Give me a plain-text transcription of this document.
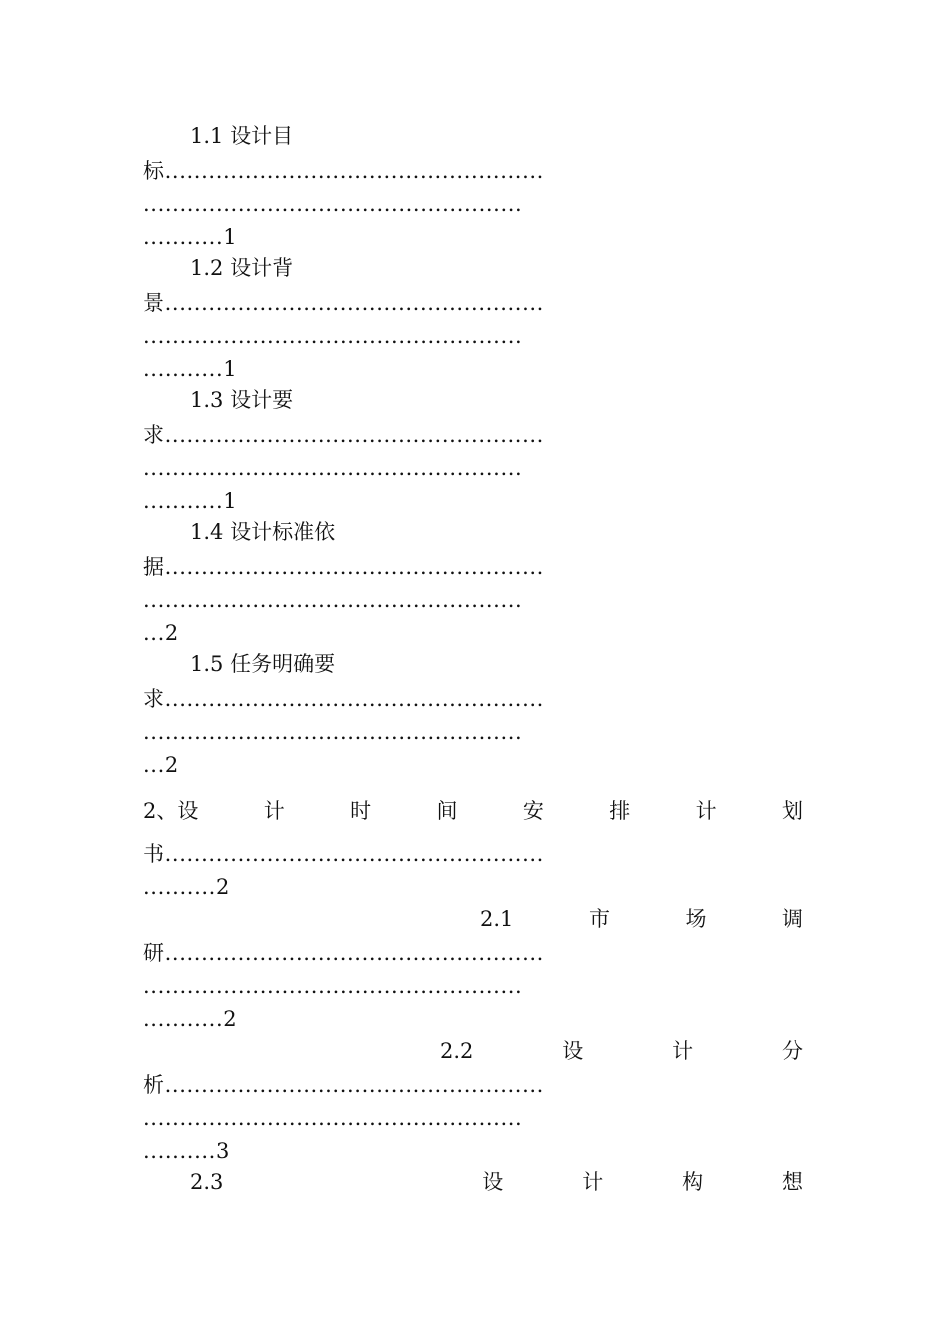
1.1 设计目
标....................................................
....................................................
...........1
1.2 设计背
景....................................................
....................................................
...........1
1.3 设计要
求....................................................
....................................................
...........1
1.4 设计标准依
据....................................................
....................................................
...2
1.5 任务明确要
求....................................................
....................................................
...2
2、设	计	时	间	安	排	计	划
书....................................................
..........2
2.1	市	场	调
研....................................................
....................................................
...........2
2.2	设	计	分
析....................................................
....................................................
..........3
2.3	设	计	构	想
